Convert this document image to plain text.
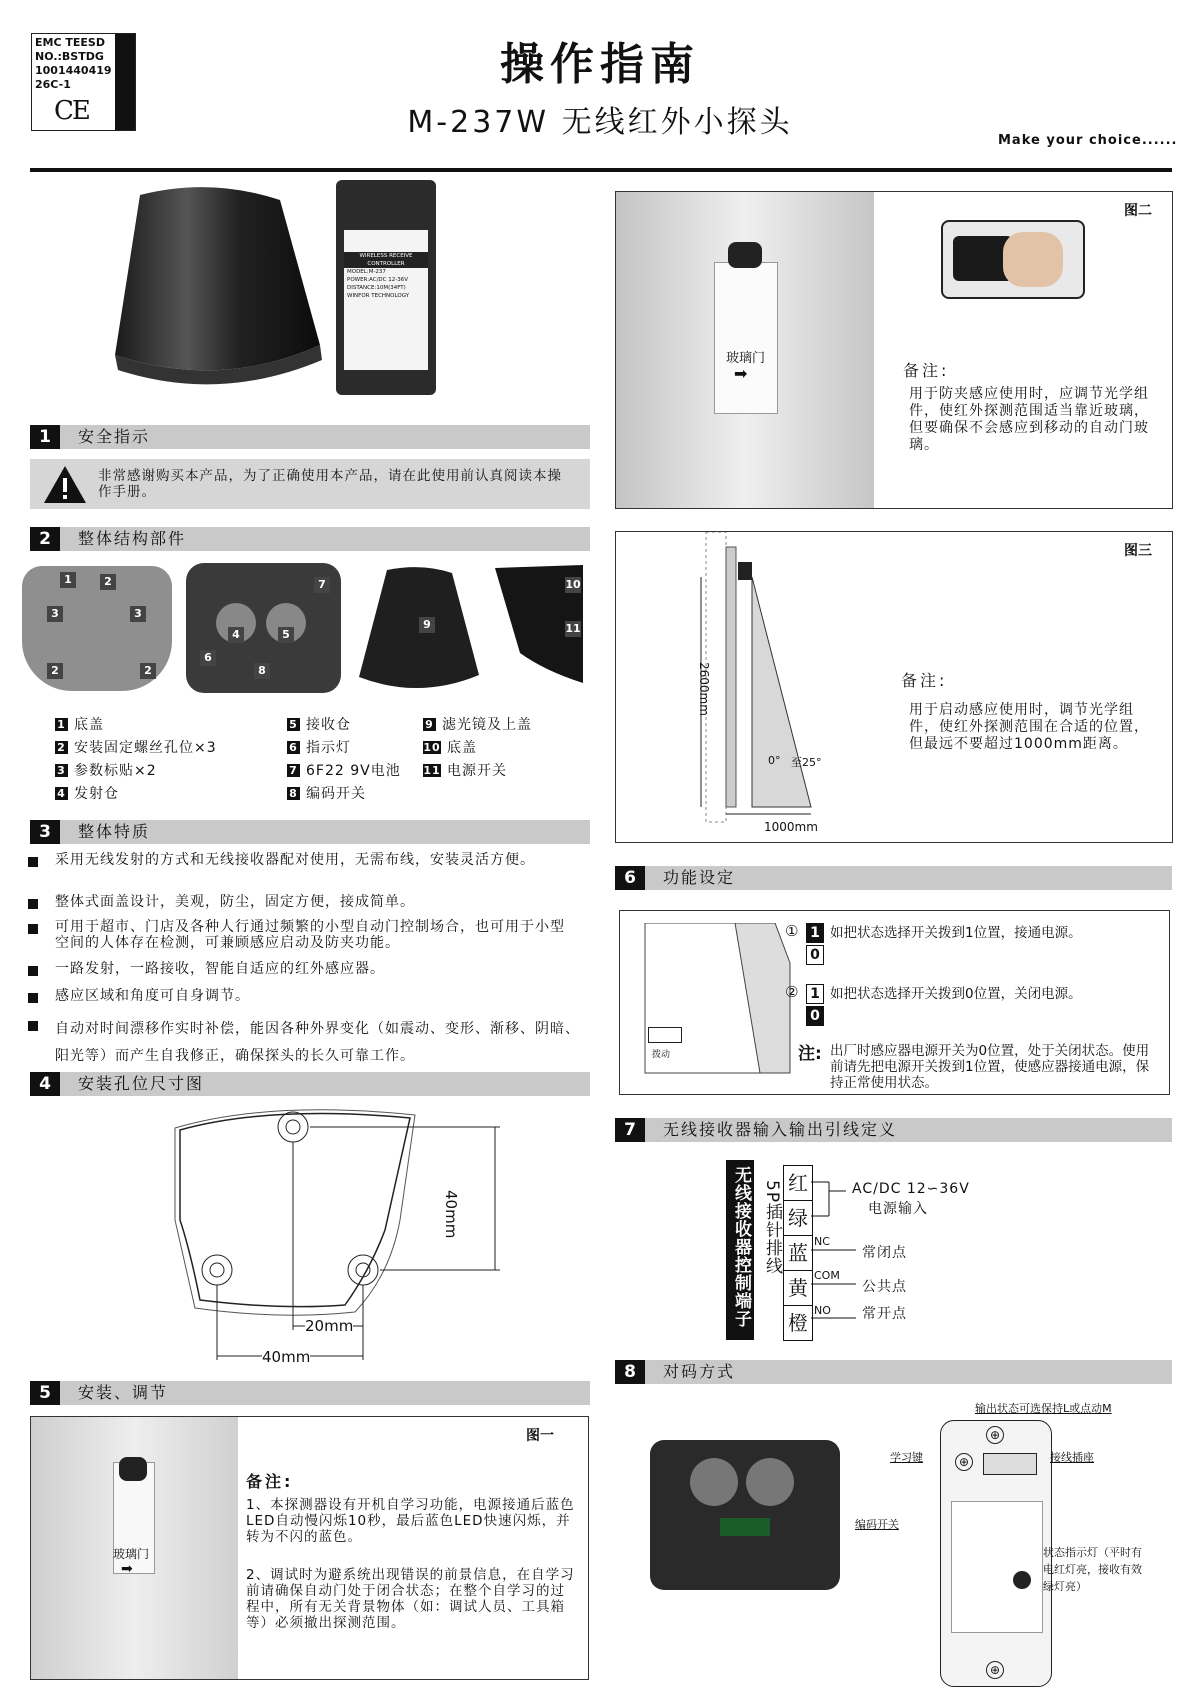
EMC TEESD
NO.:BSTDG
1001440419
26C-1
CE
操作指南
M-237W 无线红外小探头
Make your choice......
WIRELESS RECEIVE
CONTROLLER
MODEL:M-237
POWER:AC/DC 12-36V
DISTANCE:10M(34FT)
WINFOR TECHNOLOGY
1	安全指示
非常感谢购买本产品，为了正确使用本产品，请在此使用前认真阅读本操作手册。
2	整体结构部件
1	2
3	3
2	2
4	5
6
8
7
9
10
11
1 底盖
2 安装固定螺丝孔位×3
3 参数标贴×2
4 发射仓
5 接收仓
6 指示灯
7 6F22 9V电池
8 编码开关
9 滤光镜及上盖
10 底盖
11 电源开关
3	整体特质
采用无线发射的方式和无线接收器配对使用，无需布线，安装灵活方便。
整体式面盖设计，美观，防尘，固定方便，接成简单。
可用于超市、门店及各种人行通过频繁的小型自动门控制场合，也可用于小型空间的人体存在检测，可兼顾感应启动及防夹功能。
一路发射，一路接收，智能自适应的红外感应器。
感应区域和角度可自身调节。
自动对时间漂移作实时补偿，能因各种外界变化（如震动、变形、渐移、阴暗、阳光等）而产生自我修正，确保探头的长久可靠工作。
4	安装孔位尺寸图
40mm
20mm
40mm
5	安装、调节
玻璃门
➡
图一
备注:
1、本探测器设有开机自学习功能，电源接通后蓝色LED自动慢闪烁10秒，最后蓝色LED快速闪烁，并转为不闪的蓝色。
2、调试时为避系统出现错误的前景信息，在自学习前请确保自动门处于闭合状态；在整个自学习的过程中，所有无关背景物体（如：调试人员、工具箱等）必须撤出探测范围。
玻璃门
➡
图二
备注:
用于防夹感应使用时，应调节光学组件，使红外探测范围适当靠近玻璃，但要确保不会感应到移动的自动门玻璃。
图三
2600mm
0° 至25°
1000mm
备注:
用于启动感应使用时，调节光学组件，使红外探测范围在合适的位置，但最远不要超过1000mm距离。
6	功能设定
拨动
① 1
0
如把状态选择开关拨到1位置，接通电源。
② 1
0
如把状态选择开关拨到0位置，关闭电源。
注: 出厂时感应器电源开关为0位置，处于关闭状态。使用前请先把电源开关拨到1位置，使感应器接通电源，保持正常使用状态。
7	无线接收器输入输出引线定义
无线接收器控制端子 5P插针排线 红
绿
蓝
黄
橙
AC/DC 12∽36V
电源输入
NC
常闭点
COM
公共点
NO 常开点
8	对码方式
⊕
⊕
⊕
输出状态可选保持L或点动M
学习键	接线插座
编码开关
状态指示灯（平时有电红灯亮，接收有效绿灯亮）
